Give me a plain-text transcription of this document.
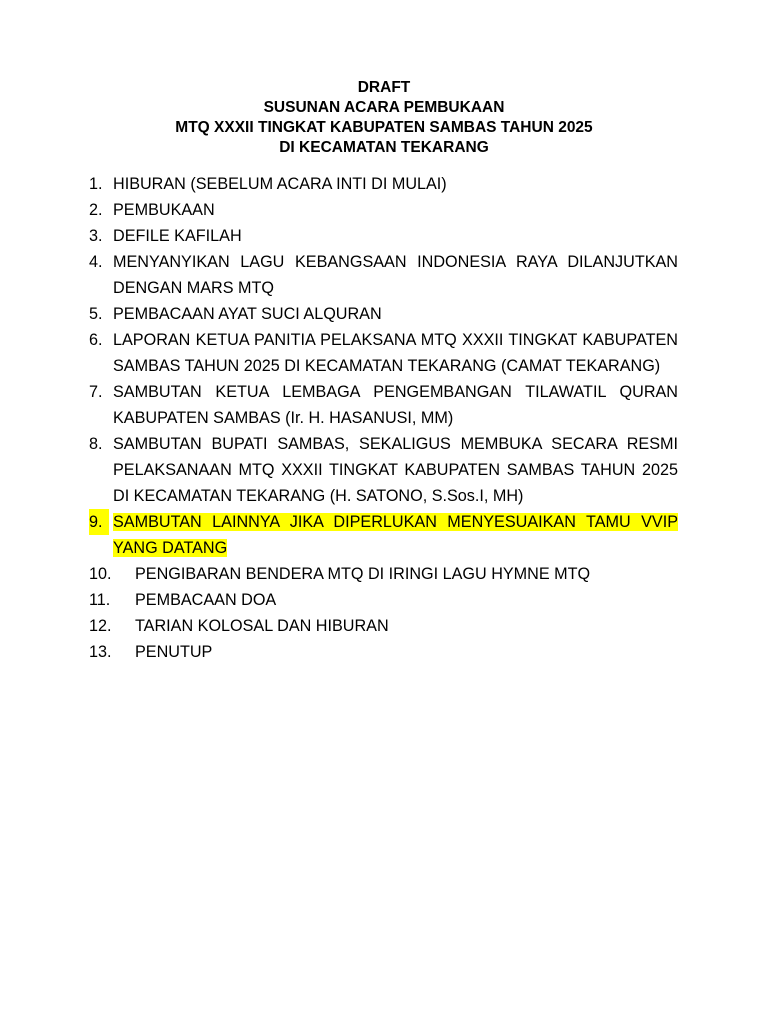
DRAFT
SUSUNAN ACARA PEMBUKAAN
MTQ XXXII TINGKAT KABUPATEN SAMBAS TAHUN 2025
DI KECAMATAN TEKARANG
1. HIBURAN (SEBELUM ACARA INTI DI MULAI)
2. PEMBUKAAN
3. DEFILE KAFILAH
4. MENYANYIKAN LAGU KEBANGSAAN INDONESIA RAYA DILANJUTKAN DENGAN MARS MTQ
5. PEMBACAAN AYAT SUCI ALQURAN
6. LAPORAN KETUA PANITIA PELAKSANA MTQ XXXII TINGKAT KABUPATEN SAMBAS TAHUN 2025 DI KECAMATAN TEKARANG (CAMAT TEKARANG)
7. SAMBUTAN KETUA LEMBAGA PENGEMBANGAN TILAWATIL QURAN KABUPATEN SAMBAS (Ir. H. HASANUSI, MM)
8. SAMBUTAN BUPATI SAMBAS, SEKALIGUS MEMBUKA SECARA RESMI PELAKSANAAN MTQ XXXII TINGKAT KABUPATEN SAMBAS TAHUN 2025 DI KECAMATAN TEKARANG (H. SATONO, S.Sos.I, MH)
9. SAMBUTAN LAINNYA JIKA DIPERLUKAN MENYESUAIKAN TAMU VVIP YANG DATANG
10. PENGIBARAN BENDERA MTQ DI IRINGI LAGU HYMNE MTQ
11. PEMBACAAN DOA
12. TARIAN KOLOSAL DAN HIBURAN
13. PENUTUP
